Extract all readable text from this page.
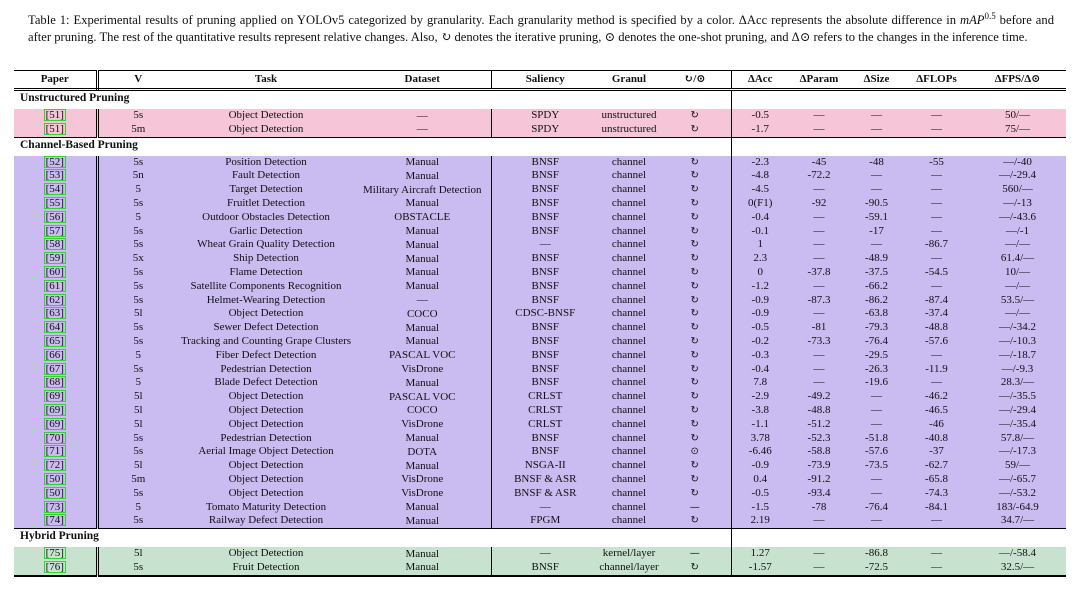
Table 1: Experimental results of pruning applied on YOLOv5 categorized by granularity. Each granularity method is specified by a color. ΔAcc represents the absolute difference in mAP$^{0.5}$ before and after pruning. The rest of the quantitative results represent relative changes. Also, ↻ denotes the iterative pruning, ⊙ denotes the one-shot pruning, and Δ⊙ refers to the changes in the inference time.
Paper	V	Task	Dataset	Saliency	Granul	↻/⊙	ΔAcc	ΔParam	ΔSize	ΔFLOPs	ΔFPS/Δ⊙
Unstructured Pruning											
[51]	5s	Object Detection	—	SPDY	unstructured	↻	-0.5	—	—	—	50/—
[51]	5m	Object Detection	—	SPDY	unstructured	↻	-1.7	—	—	—	75/—
Channel-Based Pruning											
[52]	5s	Position Detection	Manual	BNSF	channel	↻	-2.3	-45	-48	-55	—/-40
[53]	5n	Fault Detection	Manual	BNSF	channel	↻	-4.8	-72.2	—	—	—/-29.4
[54]	5	Target Detection	Military Aircraft Detection	BNSF	channel	↻	-4.5	—	—	—	560/—
[55]	5s	Fruitlet Detection	Manual	BNSF	channel	↻	0(F1)	-92	-90.5	—	—/-13
[56]	5	Outdoor Obstacles Detection	OBSTACLE	BNSF	channel	↻	-0.4	—	-59.1	—	—/-43.6
[57]	5s	Garlic Detection	Manual	BNSF	channel	↻	-0.1	—	-17	—	—/-1
[58]	5s	Wheat Grain Quality Detection	Manual	—	channel	↻	1	—	—	-86.7	—/—
[59]	5x	Ship Detection	Manual	BNSF	channel	↻	2.3	—	-48.9	—	61.4/—
[60]	5s	Flame Detection	Manual	BNSF	channel	↻	0	-37.8	-37.5	-54.5	10/—
[61]	5s	Satellite Components Recognition	Manual	BNSF	channel	↻	-1.2	—	-66.2	—	—/—
[62]	5s	Helmet-Wearing Detection	—	BNSF	channel	↻	-0.9	-87.3	-86.2	-87.4	53.5/—
[63]	5l	Object Detection	COCO	CDSC-BNSF	channel	↻	-0.9	—	-63.8	-37.4	—/—
[64]	5s	Sewer Defect Detection	Manual	BNSF	channel	↻	-0.5	-81	-79.3	-48.8	—/-34.2
[65]	5s	Tracking and Counting Grape Clusters	Manual	BNSF	channel	↻	-0.2	-73.3	-76.4	-57.6	—/-10.3
[66]	5	Fiber Defect Detection	PASCAL VOC	BNSF	channel	↻	-0.3	—	-29.5	—	—/-18.7
[67]	5s	Pedestrian Detection	VisDrone	BNSF	channel	↻	-0.4	—	-26.3	-11.9	—/-9.3
[68]	5	Blade Defect Detection	Manual	BNSF	channel	↻	7.8	—	-19.6	—	28.3/—
[69]	5l	Object Detection	PASCAL VOC	CRLST	channel	↻	-2.9	-49.2	—	-46.2	—/-35.5
[69]	5l	Object Detection	COCO	CRLST	channel	↻	-3.8	-48.8	—	-46.5	—/-29.4
[69]	5l	Object Detection	VisDrone	CRLST	channel	↻	-1.1	-51.2	—	-46	—/-35.4
[70]	5s	Pedestrian Detection	Manual	BNSF	channel	↻	3.78	-52.3	-51.8	-40.8	57.8/—
[71]	5s	Aerial Image Object Detection	DOTA	BNSF	channel	⊙	-6.46	-58.8	-57.6	-37	—/-17.3
[72]	5l	Object Detection	Manual	NSGA-II	channel	↻	-0.9	-73.9	-73.5	-62.7	59/—
[50]	5m	Object Detection	VisDrone	BNSF & ASR	channel	↻	0.4	-91.2	—	-65.8	—/-65.7
[50]	5s	Object Detection	VisDrone	BNSF & ASR	channel	↻	-0.5	-93.4	—	-74.3	—/-53.2
[73]	5	Tomato Maturity Detection	Manual	—	channel	—	-1.5	-78	-76.4	-84.1	183/-64.9
[74]	5s	Railway Defect Detection	Manual	FPGM	channel	↻	2.19	—	—	—	34.7/—
Hybrid Pruning											
[75]	5l	Object Detection	Manual	—	kernel/layer	—	1.27	—	-86.8	—	—/-58.4
[76]	5s	Fruit Detection	Manual	BNSF	channel/layer	↻	-1.57	—	-72.5	—	32.5/—
